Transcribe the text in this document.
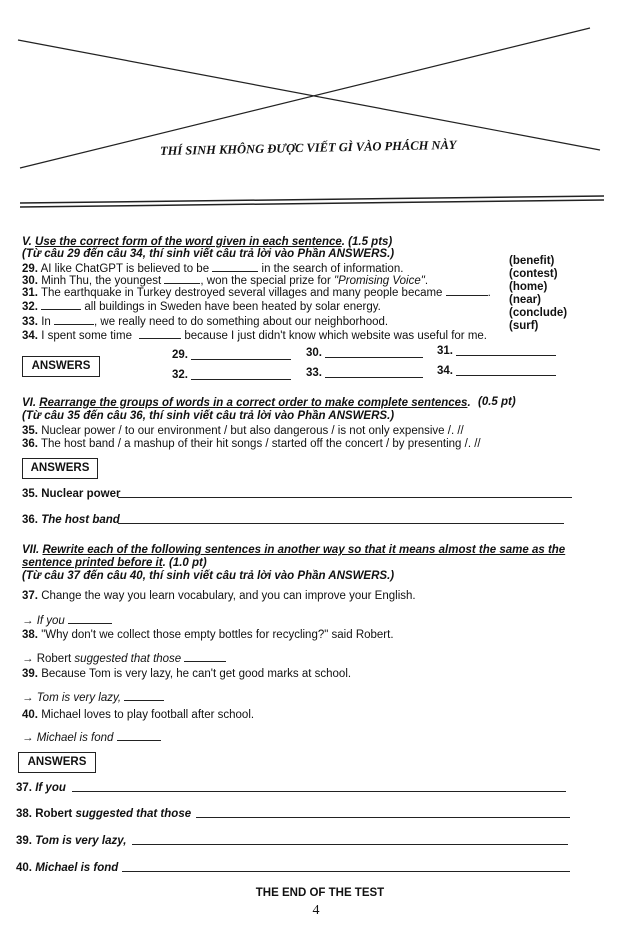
THÍ SINH KHÔNG ĐƯỢC VIẾT GÌ VÀO PHÁCH NÀY
V. Use the correct form of the word given in each sentence. (1.5 pts)
(Từ câu 29 đến câu 34, thí sinh viết câu trả lời vào Phần ANSWERS.)
29. AI like ChatGPT is believed to be	in the search of information.
30. Minh Thu, the youngest	, won the special prize for "Promising Voice".
31. The earthquake in Turkey destroyed several villages and many people became	.
32.	all buildings in Sweden have been heated by solar energy.
33. In	, we really need to do something about our neighborhood.
34. I spent some time	because I just didn't know which website was useful for me.
(benefit)
(contest)
(home)
(near)
(conclude)
(surf)
ANSWERS
29.	30.	31.
32.	33.	34.
VI. Rearrange the groups of words in a correct order to make complete sentences. (0.5 pt)
(Từ câu 35 đến câu 36, thí sinh viết câu trả lời vào Phần ANSWERS.)
35. Nuclear power / to our environment / but also dangerous / is not only expensive /. //
36. The host band / a mashup of their hit songs / started off the concert / by presenting /. //
ANSWERS
35. Nuclear power
36. The host band
VII. Rewrite each of the following sentences in another way so that it means almost the same as the
sentence printed before it. (1.0 pt)
(Từ câu 37 đến câu 40, thí sinh viết câu trả lời vào Phần ANSWERS.)
37. Change the way you learn vocabulary, and you can improve your English.
→ If you
38. "Why don't we collect those empty bottles for recycling?" said Robert.
→ Robert suggested that those
39. Because Tom is very lazy, he can't get good marks at school.
→ Tom is very lazy,
40. Michael loves to play football after school.
→ Michael is fond
ANSWERS
37. If you
38. Robert suggested that those
39. Tom is very lazy,
40. Michael is fond
THE END OF THE TEST
4
